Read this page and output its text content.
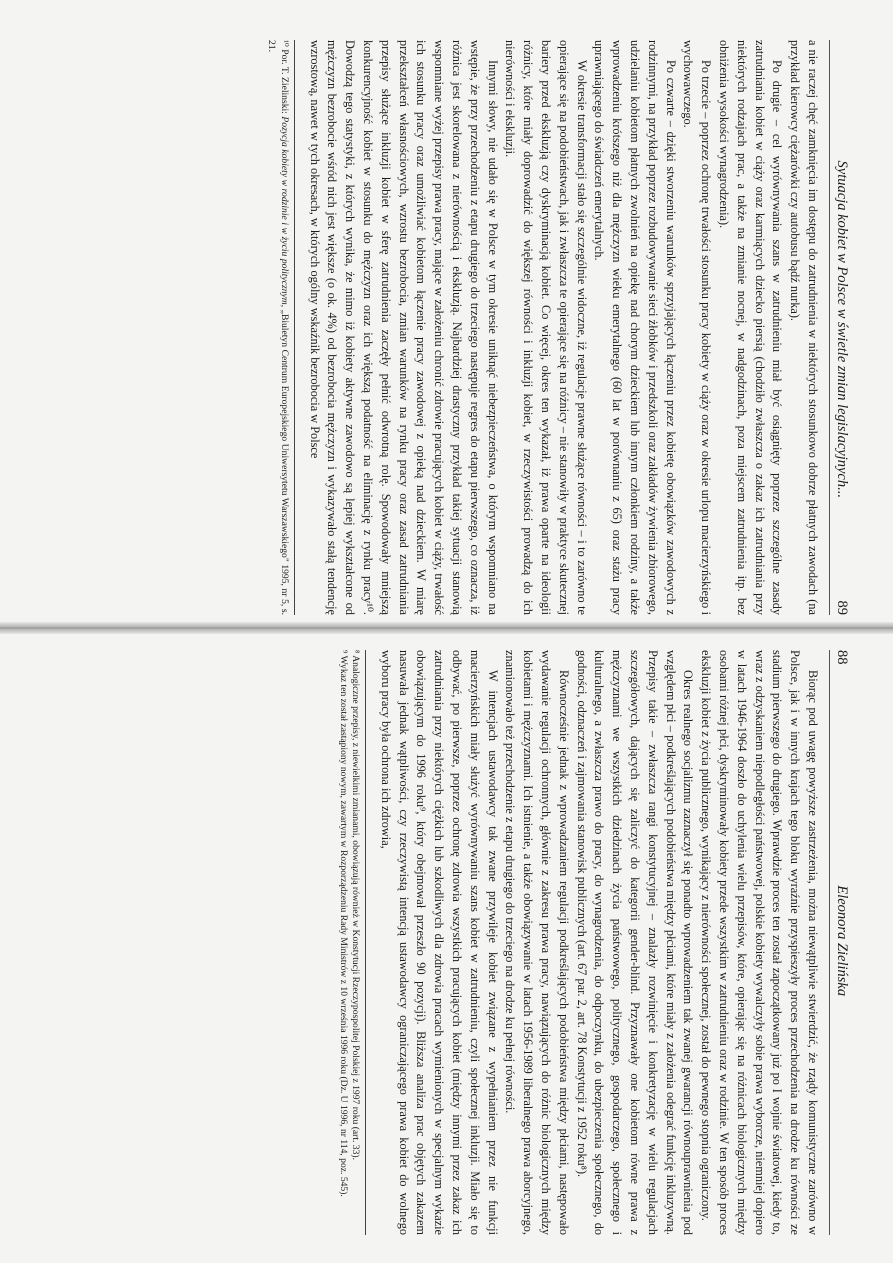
88
Eleonora Zielińska

Biorąc pod uwagę powyższe zastrzeżenia, można niewątpliwie stwierdzić, że rządy komunistyczne zarówno w Polsce, jak i w innych krajach tego bloku wyraźnie przyspieszyły proces przechodzenia na drodze ku równości ze stadium pierwszego do drugiego. Wprawdzie proces ten został zapoczątkowany już po I wojnie światowej, kiedy to, wraz z odzyskaniem niepodległości państwowej, polskie kobiety wywalczyły sobie prawa wyborcze, niemniej dopiero w latach 1946-1964 doszło do uchylenia wielu przepisów, które, opierając się na różnicach biologicznych między osobami różnej płci, dyskryminowały kobiety przede wszystkim w zatrudnieniu oraz w rodzinie. W ten sposób proces ekskluzji kobiet z życia publicznego, wynikający z nierówności społecznej, został do pewnego stopnia ograniczony.

Okres realnego socjalizmu zaznaczył się ponadto wprowadzeniem tak zwanej gwarancji równouprawnienia pod względem płci – podkreślających podobieństwa między płciami, które miały z założenia odegrać funkcję inkluzywną. Przepisy takie – zwłaszcza rangi konstytucyjnej – znalazły rozwinięcie i konkretyzację w wielu regulacjach szczegółowych, dających się zaliczyć do kategorii gender-blind. Przyznawały one kobietom równe prawa z mężczyznami we wszystkich dziedzinach życia państwowego, politycznego, gospodarczego, społecznego i kulturalnego, a zwłaszcza prawo do pracy, do wynagrodzenia, do odpoczynku, do ubezpieczenia społecznego, do godności, odznaczeń i zajmowania stanowisk publicznych (art. 67 par. 2, art. 78 Konstytucji z 1952 roku⁸).

Równocześnie jednak z wprowadzaniem regulacji podkreślających podobieństwa między płciami, następowało wydawanie regulacji ochronnych, głównie z zakresu prawa pracy, nawiązujących do różnic biologicznych między kobietami i mężczyznami. Ich istnienie, a także obowiązywanie w latach 1956-1989 liberalnego prawa aborcyjnego, znamionowało też przechodzenie z etapu drugiego do trzeciego na drodze ku pełnej równości.

W intencjach ustawodawcy tak zwane przywileje kobiet związane z wypełnianiem przez nie funkcji macierzyńskich miały służyć wyrównywaniu szans kobiet w zatrudnieniu, czyli społecznej inkluzji. Miało się to odbywać, po pierwsze, poprzez ochronę zdrowia wszystkich pracujących kobiet (między innymi przez zakaz ich zatrudniania przy niektórych ciężkich lub szkodliwych dla zdrowia pracach wymienionych w specjalnym wykazie obowiązującym do 1996 roku⁹, który obejmował przeszło 90 pozycji). Bliższa analiza prac objętych zakazem nasuwała jednak wątpliwości, czy rzeczywistą intencją ustawodawcy ograniczającego prawa kobiet do wolnego wyboru pracy była ochrona ich zdrowia,

⁸ Analogiczne przepisy, z niewielkimi zmianami, obowiązują również w Konstytucji Rzeczypospolitej Polskiej z 1997 roku (art. 33).

⁹ Wykaz ten został zastąpiony nowym, zawartym w Rozporządzeniu Rady Ministrów z 10 września 1996 roku (Dz. U 1996, nr 114, poz. 545).

Sytuacja kobiet w Polsce w świetle zmian legislacyjnych...
89

a nie raczej chęć zamknięcia im dostępu do zatrudnienia w niektórych stosunkowo dobrze płatnych zawodach (na przykład kierowcy ciężarówki czy autobusu bądź nurka).

Po drugie – cel wyrównywania szans w zatrudnieniu miał być osiągnięty poprzez szczególne zasady zatrudniania kobiet w ciąży oraz karmiących dziecko piersią (chodziło zwłaszcza o zakaz ich zatrudniania przy niektórych rodzajach prac, a także na zmianie nocnej, w nadgodzinach, poza miejscem zatrudnienia itp. bez obniżenia wysokości wynagrodzenia).

Po trzecie – poprzez ochronę trwałości stosunku pracy kobiety w ciąży oraz w okresie urlopu macierzyńskiego i wychowawczego.

Po czwarte – dzięki stworzeniu warunków sprzyjających łączeniu przez kobietę obowiązków zawodowych z rodzinnymi, na przykład poprzez rozbudowywanie sieci żłobków i przedszkoli oraz zakładów żywienia zbiorowego, udzielaniu kobietom płatnych zwolnień na opiekę nad chorym dzieckiem lub innym członkiem rodziny, a także wprowadzeniu krótszego niż dla mężczyzn wieku emerytalnego (60 lat w porównaniu z 65) oraz stażu pracy uprawniającego do świadczeń emerytalnych.

W okresie transformacji stało się szczególnie widoczne, iż regulacje prawne służące równości – i to zarówno te opierające się na podobieństwach, jak i zwłaszcza te opierające się na różnicy – nie stanowiły w praktyce skutecznej bariery przed ekskluzją czy dyskryminacją kobiet. Co więcej, okres ten wykazał, iż prawa oparte na ideologii różnicy, które miały doprowadzić do większej równości i inkluzji kobiet, w rzeczywistości prowadzą do ich nierówności i ekskluzji.

Innymi słowy, nie udało się w Polsce w tym okresie uniknąć niebezpieczeństwa, o którym wspomniano na wstępie, że przy przechodzeniu z etapu drugiego do trzeciego następuje regres do etapu pierwszego, co oznacza, iż różnica jest skorelowana z nierównością i ekskluzją. Najbardziej drastyczny przykład takiej sytuacji stanowią wspomniane wyżej przepisy prawa pracy, mające w założeniu chronić zdrowie pracujących kobiet w ciąży, trwałość ich stosunku pracy oraz umożliwiać kobietom łączenie pracy zawodowej z opieką nad dzieckiem. W miarę przekształceń własnościowych, wzrostu bezrobocia, zmian warunków na rynku pracy oraz zasad zatrudniania przepisy służące inkluzji kobiet w sferę zatrudnienia zaczęły pełnić odwrotną rolę. Spowodowały mniejszą konkurencyjność kobiet w stosunku do mężczyzn oraz ich większą podatność na eliminację z rynku pracy¹⁰. Dowodzą tego statystyki, z których wynika, że mimo iż kobiety aktywne zawodowo są lepiej wykształcone od mężczyzn bezrobocie wśród nich jest większe (o ok. 4%) od bezrobocia mężczyzn i wykazywało stałą tendencję wzrostową, nawet w tych okresach, w których ogólny wskaźnik bezrobocia w Polsce

¹⁰ Por. T. Zielinski: Pozycja kobiety w rodzinie i w życiu politycznym, „Biuletyn Centrum Europejskiego Uniwersytetu Warszawskiego" 1995, nr 5, s. 21.
